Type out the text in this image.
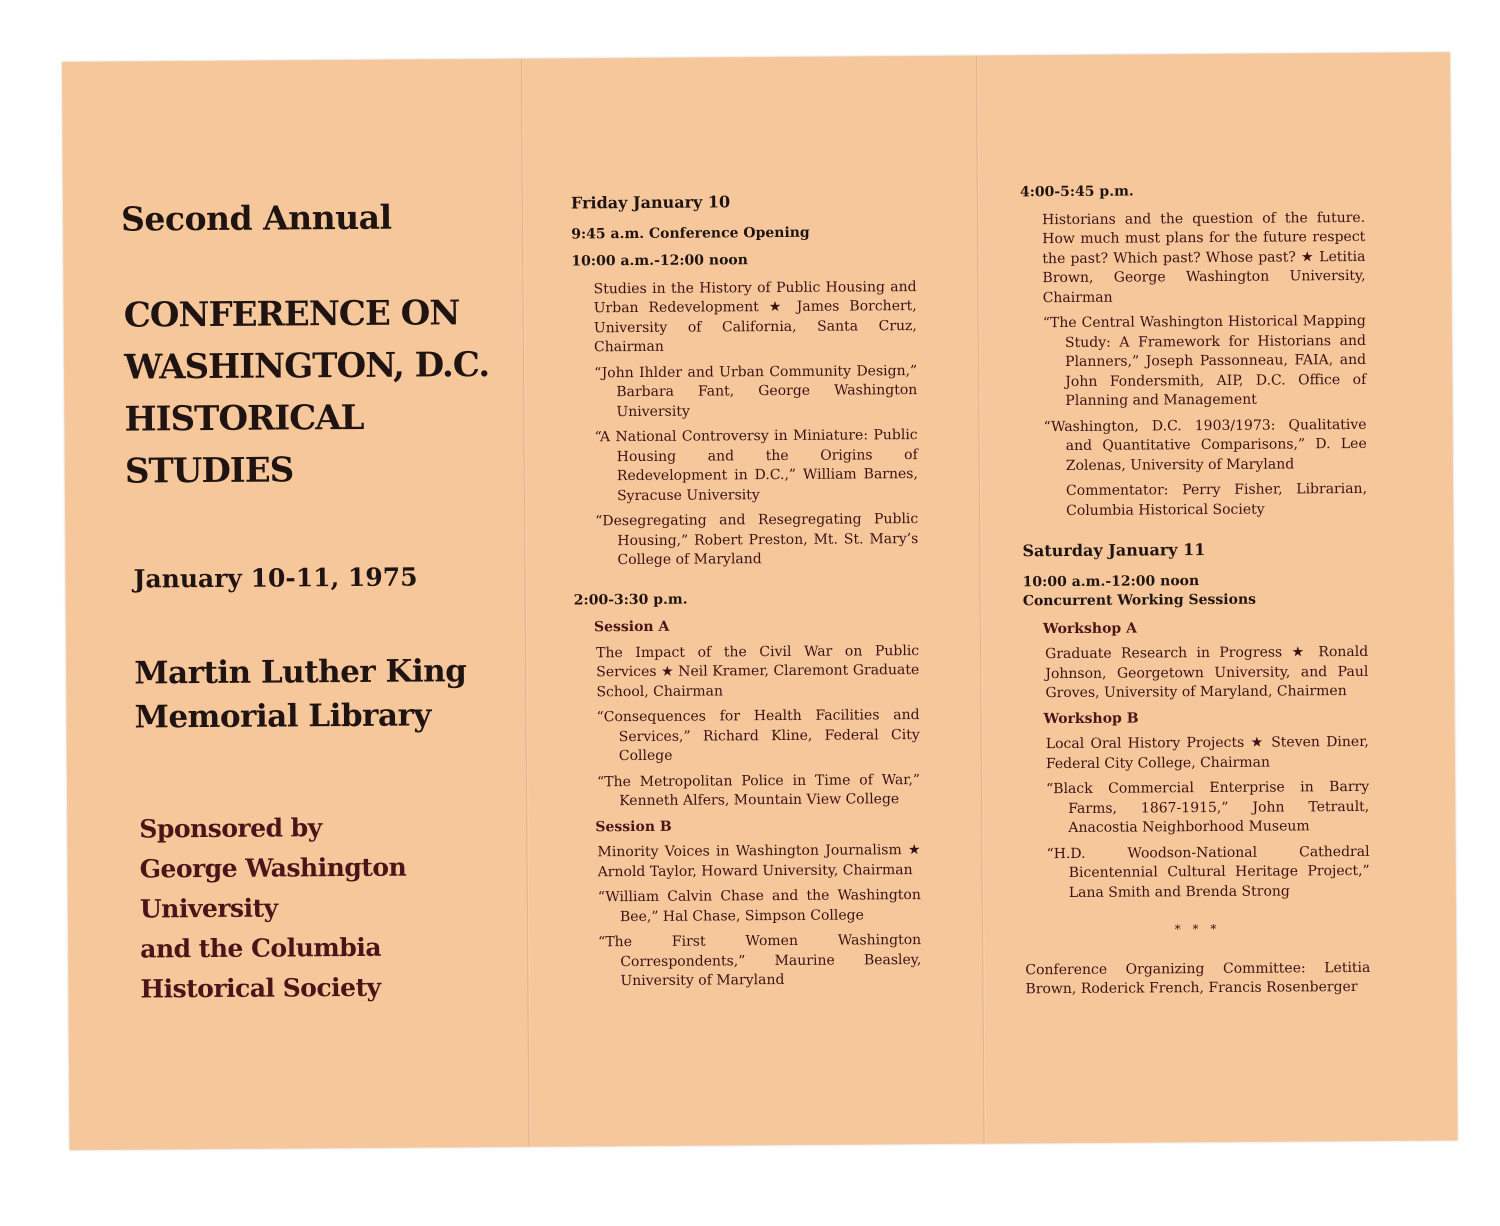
Second Annual
CONFERENCE ON
WASHINGTON, D.C.
HISTORICAL
STUDIES
January 10-11, 1975
Martin Luther King
Memorial Library
Sponsored by
George Washington
University
and the Columbia
Historical Society
Friday January 10
9:45 a.m. Conference Opening
10:00 a.m.-12:00 noon
Studies in the History of Public Housing and Urban Redevelopment ★ James Borchert, University of California, Santa Cruz, Chairman
“John Ihlder and Urban Community Design,” Barbara Fant, George Washington University
“A National Controversy in Miniature: Public Housing and the Origins of Redevelopment in D.C.,” William Barnes, Syracuse University
“Desegregating and Resegregating Public Housing,” Robert Preston, Mt. St. Mary’s College of Maryland
2:00-3:30 p.m.
Session A
The Impact of the Civil War on Public Services ★ Neil Kramer, Claremont Graduate School, Chairman
“Consequences for Health Facilities and Services,” Richard Kline, Federal City College
“The Metropolitan Police in Time of War,” Kenneth Alfers, Mountain View College
Session B
Minority Voices in Washington Journalism ★ Arnold Taylor, Howard University, Chairman
“William Calvin Chase and the Washington Bee,” Hal Chase, Simpson College
“The First Women Washington Correspondents,” Maurine Beasley, University of Maryland
4:00-5:45 p.m.
Historians and the question of the future. How much must plans for the future respect the past? Which past? Whose past? ★ Letitia Brown, George Washington University, Chairman
“The Central Washington Historical Mapping Study: A Framework for Historians and Planners,” Joseph Passonneau, FAIA, and John Fondersmith, AIP, D.C. Office of Planning and Management
“Washington, D.C. 1903/1973: Qualitative and Quantitative Comparisons,” D. Lee Zolenas, University of Maryland
Commentator: Perry Fisher, Librarian, Columbia Historical Society
Saturday January 11
10:00 a.m.-12:00 noon
Concurrent Working Sessions
Workshop A
Graduate Research in Progress ★ Ronald Johnson, Georgetown University, and Paul Groves, University of Maryland, Chairmen
Workshop B
Local Oral History Projects ★ Steven Diner, Federal City College, Chairman
“Black Commercial Enterprise in Barry Farms, 1867-1915,” John Tetrault, Anacostia Neighborhood Museum
“H.D. Woodson-National Cathedral Bicentennial Cultural Heritage Project,” Lana Smith and Brenda Strong
* * *
Conference Organizing Committee: Letitia Brown, Roderick French, Francis Rosenberger
